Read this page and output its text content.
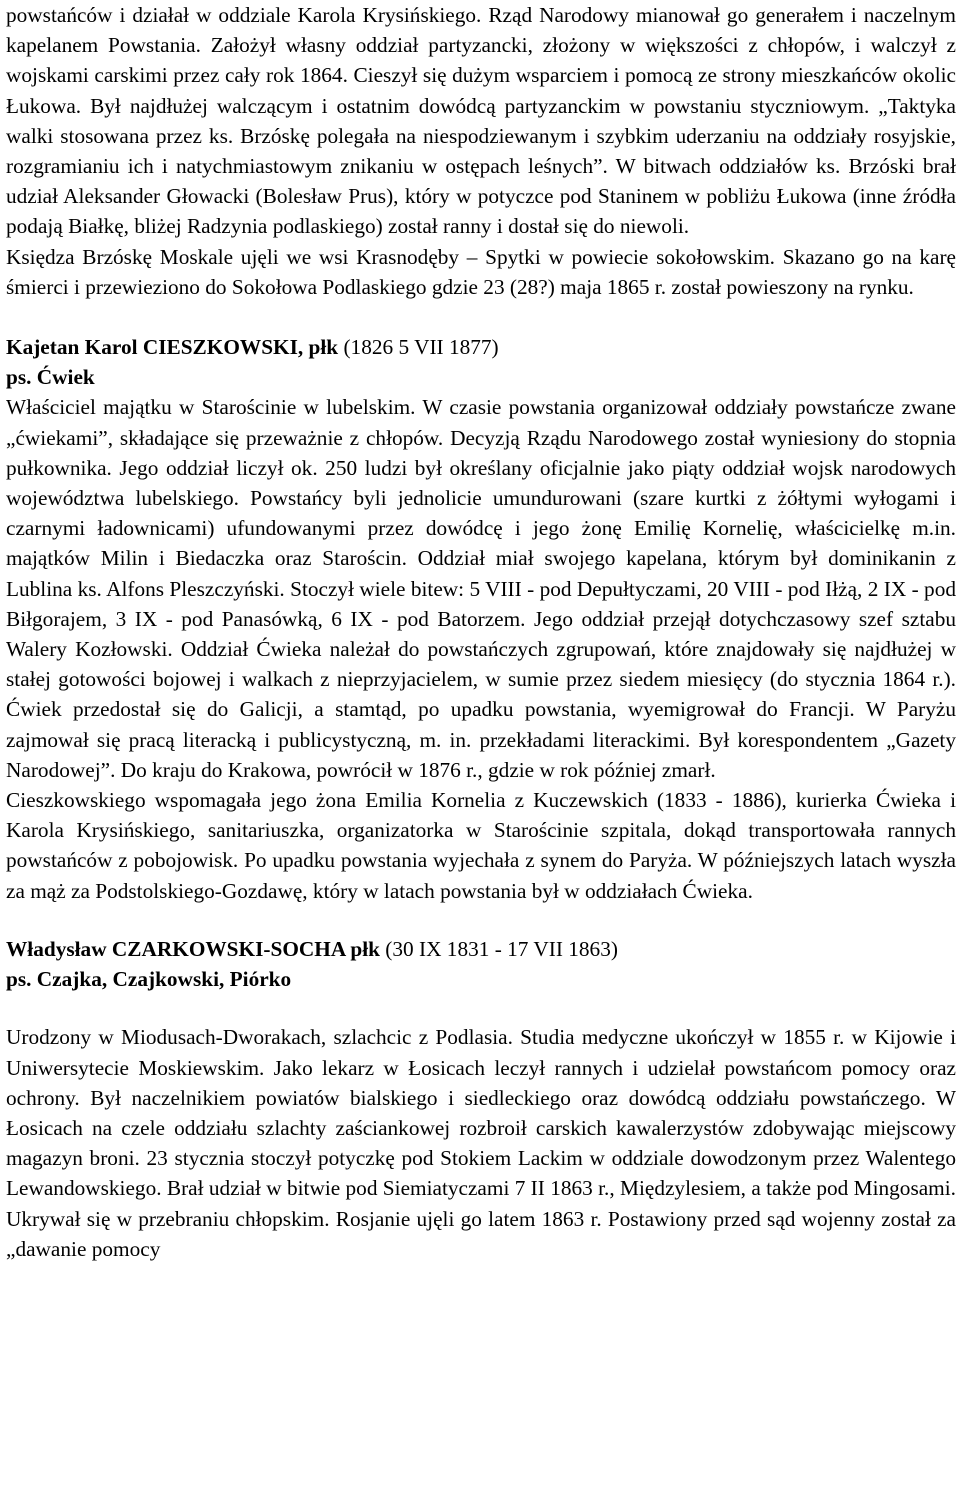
powstańców i działał w oddziale Karola Krysińskiego. Rząd Narodowy mianował go generałem i naczelnym kapelanem Powstania. Założył własny oddział partyzancki, złożony w większości z chłopów, i walczył z wojskami carskimi przez cały rok 1864. Cieszył się dużym wsparciem i pomocą ze strony mieszkańców okolic Łukowa. Był najdłużej walczącym i ostatnim dowódcą partyzanckim w powstaniu styczniowym. „Taktyka walki stosowana przez ks. Brzóskę polegała na niespodziewanym i szybkim uderzaniu na oddziały rosyjskie, rozgramianiu ich i natychmiastowym znikaniu w ostępach leśnych”. W bitwach oddziałów ks. Brzóski brał udział Aleksander Głowacki (Bolesław Prus), który w potyczce pod Staninem w pobliżu Łukowa (inne źródła podają Białkę, bliżej Radzynia podlaskiego) został ranny i dostał się do niewoli.

Księdza Brzóskę Moskale ujęli we wsi Krasnodęby – Spytki w powiecie sokołowskim. Skazano go na karę śmierci i przewieziono do Sokołowa Podlaskiego gdzie 23 (28?) maja 1865 r. został powieszony na rynku.

Kajetan Karol CIESZKOWSKI, płk (1826 5 VII 1877)

ps. Ćwiek

Właściciel majątku w Starościnie w lubelskim. W czasie powstania organizował oddziały powstańcze zwane „ćwiekami”, składające się przeważnie z chłopów. Decyzją Rządu Narodowego został wyniesiony do stopnia pułkownika. Jego oddział liczył ok. 250 ludzi był określany oficjalnie jako piąty oddział wojsk narodowych województwa lubelskiego. Powstańcy byli jednolicie umundurowani (szare kurtki z żółtymi wyłogami i czarnymi ładownicami) ufundowanymi przez dowódcę i jego żonę Emilię Kornelię, właścicielkę m.in. majątków Milin i Biedaczka oraz Starościn. Oddział miał swojego kapelana, którym był dominikanin z Lublina ks. Alfons Pleszczyński. Stoczył wiele bitew: 5 VIII - pod Depułtyczami, 20 VIII - pod Iłżą, 2 IX - pod Biłgorajem, 3 IX - pod Panasówką, 6 IX - pod Batorzem. Jego oddział przejął dotychczasowy szef sztabu Walery Kozłowski. Oddział Ćwieka należał do powstańczych zgrupowań, które znajdowały się najdłużej w stałej gotowości bojowej i walkach z nieprzyjacielem, w sumie przez siedem miesięcy (do stycznia 1864 r.). Ćwiek przedostał się do Galicji, a stamtąd, po upadku powstania, wyemigrował do Francji. W Paryżu zajmował się pracą literacką i publicystyczną, m. in. przekładami literackimi. Był korespondentem „Gazety Narodowej”. Do kraju do Krakowa, powrócił w 1876 r., gdzie w rok później zmarł.

Cieszkowskiego wspomagała jego żona Emilia Kornelia z Kuczewskich (1833 - 1886), kurierka Ćwieka i Karola Krysińskiego, sanitariuszka, organizatorka w Starościnie szpitala, dokąd transportowała rannych powstańców z pobojowisk. Po upadku powstania wyjechała z synem do Paryża. W późniejszych latach wyszła za mąż za Podstolskiego-Gozdawę, który w latach powstania był w oddziałach Ćwieka.

Władysław CZARKOWSKI-SOCHA płk (30 IX 1831 - 17 VII 1863)

ps. Czajka, Czajkowski, Piórko

Urodzony w Miodusach-Dworakach, szlachcic z Podlasia. Studia medyczne ukończył w 1855 r. w Kijowie i Uniwersytecie Moskiewskim. Jako lekarz w Łosicach leczył rannych i udzielał powstańcom pomocy oraz ochrony. Był naczelnikiem powiatów bialskiego i siedleckiego oraz dowódcą oddziału powstańczego. W Łosicach na czele oddziału szlachty zaściankowej rozbroił carskich kawalerzystów zdobywając miejscowy magazyn broni. 23 stycznia stoczył potyczkę pod Stokiem Lackim w oddziale dowodzonym przez Walentego Lewandowskiego. Brał udział w bitwie pod Siemiatyczami 7 II 1863 r., Międzylesiem, a także pod Mingosami. Ukrywał się w przebraniu chłopskim. Rosjanie ujęli go latem 1863 r. Postawiony przed sąd wojenny został za „dawanie pomocy
